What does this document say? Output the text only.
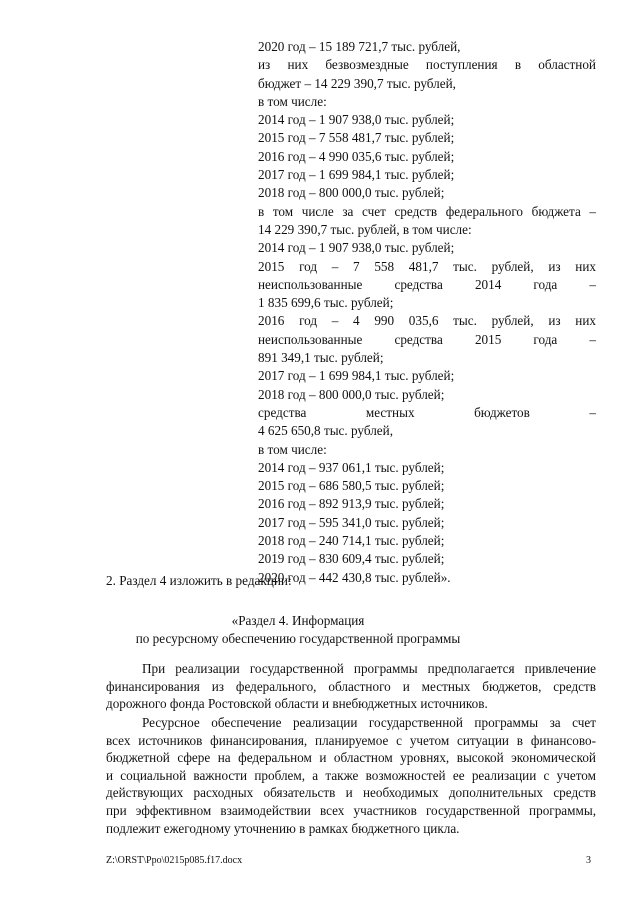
2020 год – 15 189 721,7 тыс. рублей,
из них безвозмездные поступления в областной
бюджет – 14 229 390,7 тыс. рублей,
в том числе:
2014 год – 1 907 938,0 тыс. рублей;
2015 год – 7 558 481,7 тыс. рублей;
2016 год – 4 990 035,6 тыс. рублей;
2017 год – 1 699 984,1 тыс. рублей;
2018 год – 800 000,0 тыс. рублей;
в том числе за счет средств федерального бюджета –
14 229 390,7 тыс. рублей, в том числе:
2014 год – 1 907 938,0 тыс. рублей;
2015 год – 7 558 481,7 тыс. рублей, из них
неиспользованные средства 2014 года –
1 835 699,6 тыс. рублей;
2016 год – 4 990 035,6 тыс. рублей, из них
неиспользованные средства 2015 года –
891 349,1 тыс. рублей;
2017 год – 1 699 984,1 тыс. рублей;
2018 год – 800 000,0 тыс. рублей;
средства местных бюджетов –
4 625 650,8 тыс. рублей,
в том числе:
2014 год – 937 061,1 тыс. рублей;
2015 год – 686 580,5 тыс. рублей;
2016 год – 892 913,9 тыс. рублей;
2017 год – 595 341,0 тыс. рублей;
2018 год – 240 714,1 тыс. рублей;
2019 год – 830 609,4 тыс. рублей;
2020 год – 442 430,8 тыс. рублей».
2. Раздел 4 изложить в редакции:
«Раздел 4. Информация
по ресурсному обеспечению государственной программы
При реализации государственной программы предполагается привлечение
финансирования из федерального, областного и местных бюджетов, средств
дорожного фонда Ростовской области и внебюджетных источников.
Ресурсное обеспечение реализации государственной программы за счет
всех источников финансирования, планируемое с учетом ситуации в финансово-
бюджетной сфере на федеральном и областном уровнях, высокой экономической
и социальной важности проблем, а также возможностей ее реализации с учетом
действующих расходных обязательств и необходимых дополнительных средств
при эффективном взаимодействии всех участников государственной программы,
подлежит ежегодному уточнению в рамках бюджетного цикла.
Z:\ORST\Ppo\0215p085.f17.docx	3
